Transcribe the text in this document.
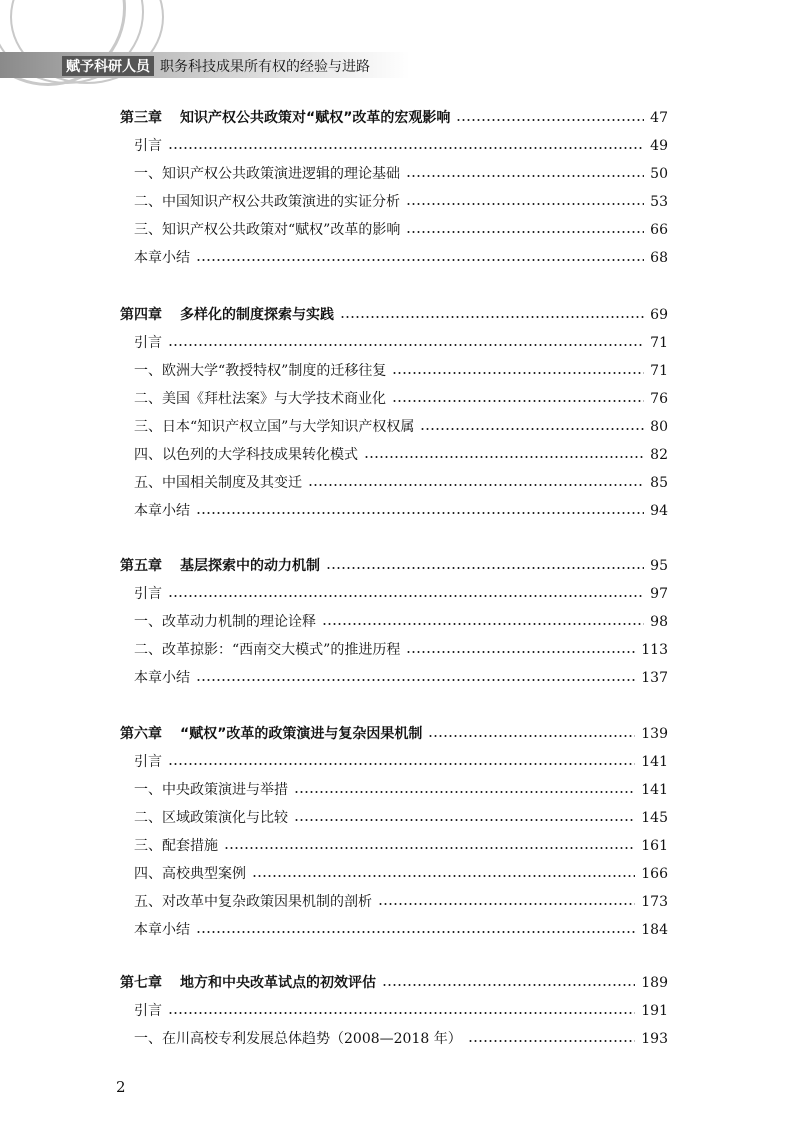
赋予科研人员 职务科技成果所有权的经验与进路
第三章 知识产权公共政策对“赋权”改革的宏观影响	47
引言	49
一、知识产权公共政策演进逻辑的理论基础	50
二、中国知识产权公共政策演进的实证分析	53
三、知识产权公共政策对“赋权”改革的影响	66
本章小结	68
第四章 多样化的制度探索与实践	69
引言	71
一、欧洲大学“教授特权”制度的迁移往复	71
二、美国《拜杜法案》与大学技术商业化	76
三、日本“知识产权立国”与大学知识产权权属	80
四、以色列的大学科技成果转化模式	82
五、中国相关制度及其变迁	85
本章小结	94
第五章 基层探索中的动力机制	95
引言	97
一、改革动力机制的理论诠释	98
二、改革掠影：“西南交大模式”的推进历程	113
本章小结	137
第六章 “赋权”改革的政策演进与复杂因果机制	139
引言	141
一、中央政策演进与举措	141
二、区域政策演化与比较	145
三、配套措施	161
四、高校典型案例	166
五、对改革中复杂政策因果机制的剖析	173
本章小结	184
第七章 地方和中央改革试点的初效评估	189
引言	191
一、在川高校专利发展总体趋势（2008—2018 年）	193
2
